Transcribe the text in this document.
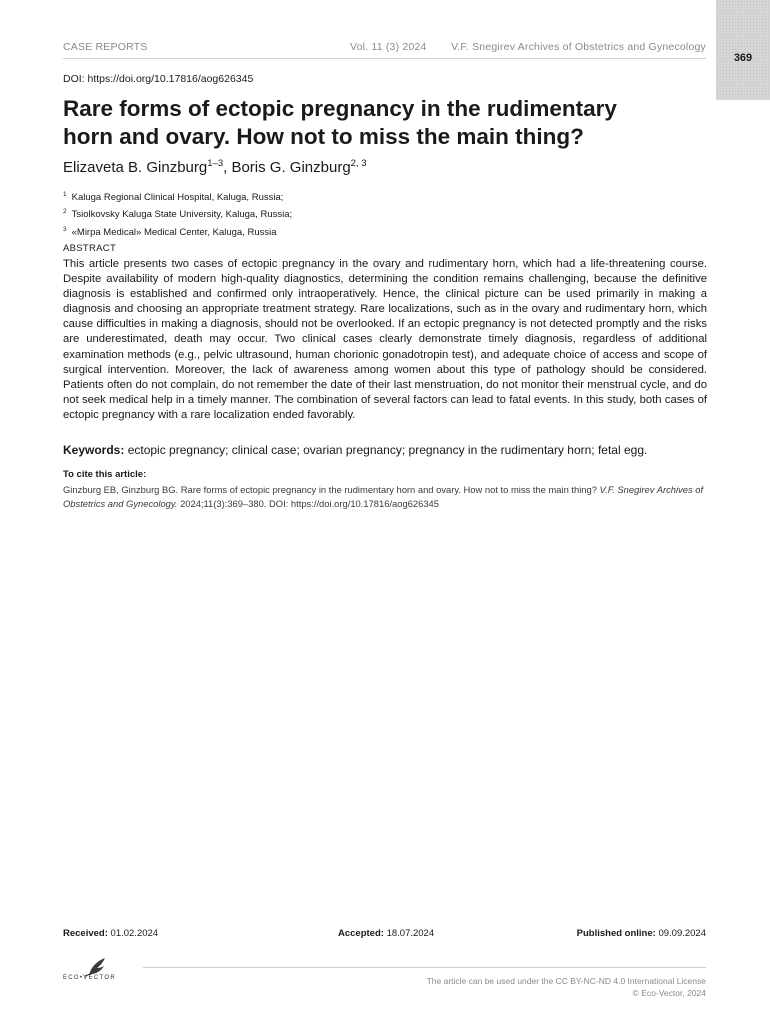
369
CASE REPORTS	Vol. 11 (3) 2024 V.F. Snegirev Archives of Obstetrics and Gynecology
DOI: https://doi.org/10.17816/aog626345
Rare forms of ectopic pregnancy in the rudimentary horn and ovary. How not to miss the main thing?
Elizaveta B. Ginzburg$^{1-3}$, Boris G. Ginzburg$^{2, 3}$
$^1$ Kaluga Regional Clinical Hospital, Kaluga, Russia;
$^2$ Tsiolkovsky Kaluga State University, Kaluga, Russia;
$^3$ «Mirpa Medical» Medical Center, Kaluga, Russia
ABSTRACT

This article presents two cases of ectopic pregnancy in the ovary and rudimentary horn, which had a life-threatening course. Despite availability of modern high-quality diagnostics, determining the condition remains challenging, because the definitive diagnosis is established and confirmed only intraoperatively. Hence, the clinical picture can be used primarily in making a diagnosis and choosing an appropriate treatment strategy. Rare localizations, such as in the ovary and rudimentary horn, which cause difficulties in making a diagnosis, should not be overlooked. If an ectopic pregnancy is not detected promptly and the risks are underestimated, death may occur. Two clinical cases clearly demonstrate timely diagnosis, regardless of additional examination methods (e.g., pelvic ultrasound, human chorionic gonadotropin test), and adequate choice of access and scope of surgical intervention. Moreover, the lack of awareness among women about this type of pathology should be considered. Patients often do not complain, do not remember the date of their last menstruation, do not monitor their menstrual cycle, and do not seek medical help in a timely manner. The combination of several factors can lead to fatal events. In this study, both cases of ectopic pregnancy with a rare localization ended favorably.

Keywords: ectopic pregnancy; clinical case; ovarian pregnancy; pregnancy in the rudimentary horn; fetal egg.
To cite this article:

Ginzburg EB, Ginzburg BG. Rare forms of ectopic pregnancy in the rudimentary horn and ovary. How not to miss the main thing? V.F. Snegirev Archives of Obstetrics and Gynecology. 2024;11(3):369–380. DOI: https://doi.org/10.17816/aog626345

Received: 01.02.2024	Accepted: 18.07.2024	Published online: 09.09.2024
ECO•VECTOR	The article can be used under the CC BY-NC-ND 4.0 International License
© Eco-Vector, 2024
